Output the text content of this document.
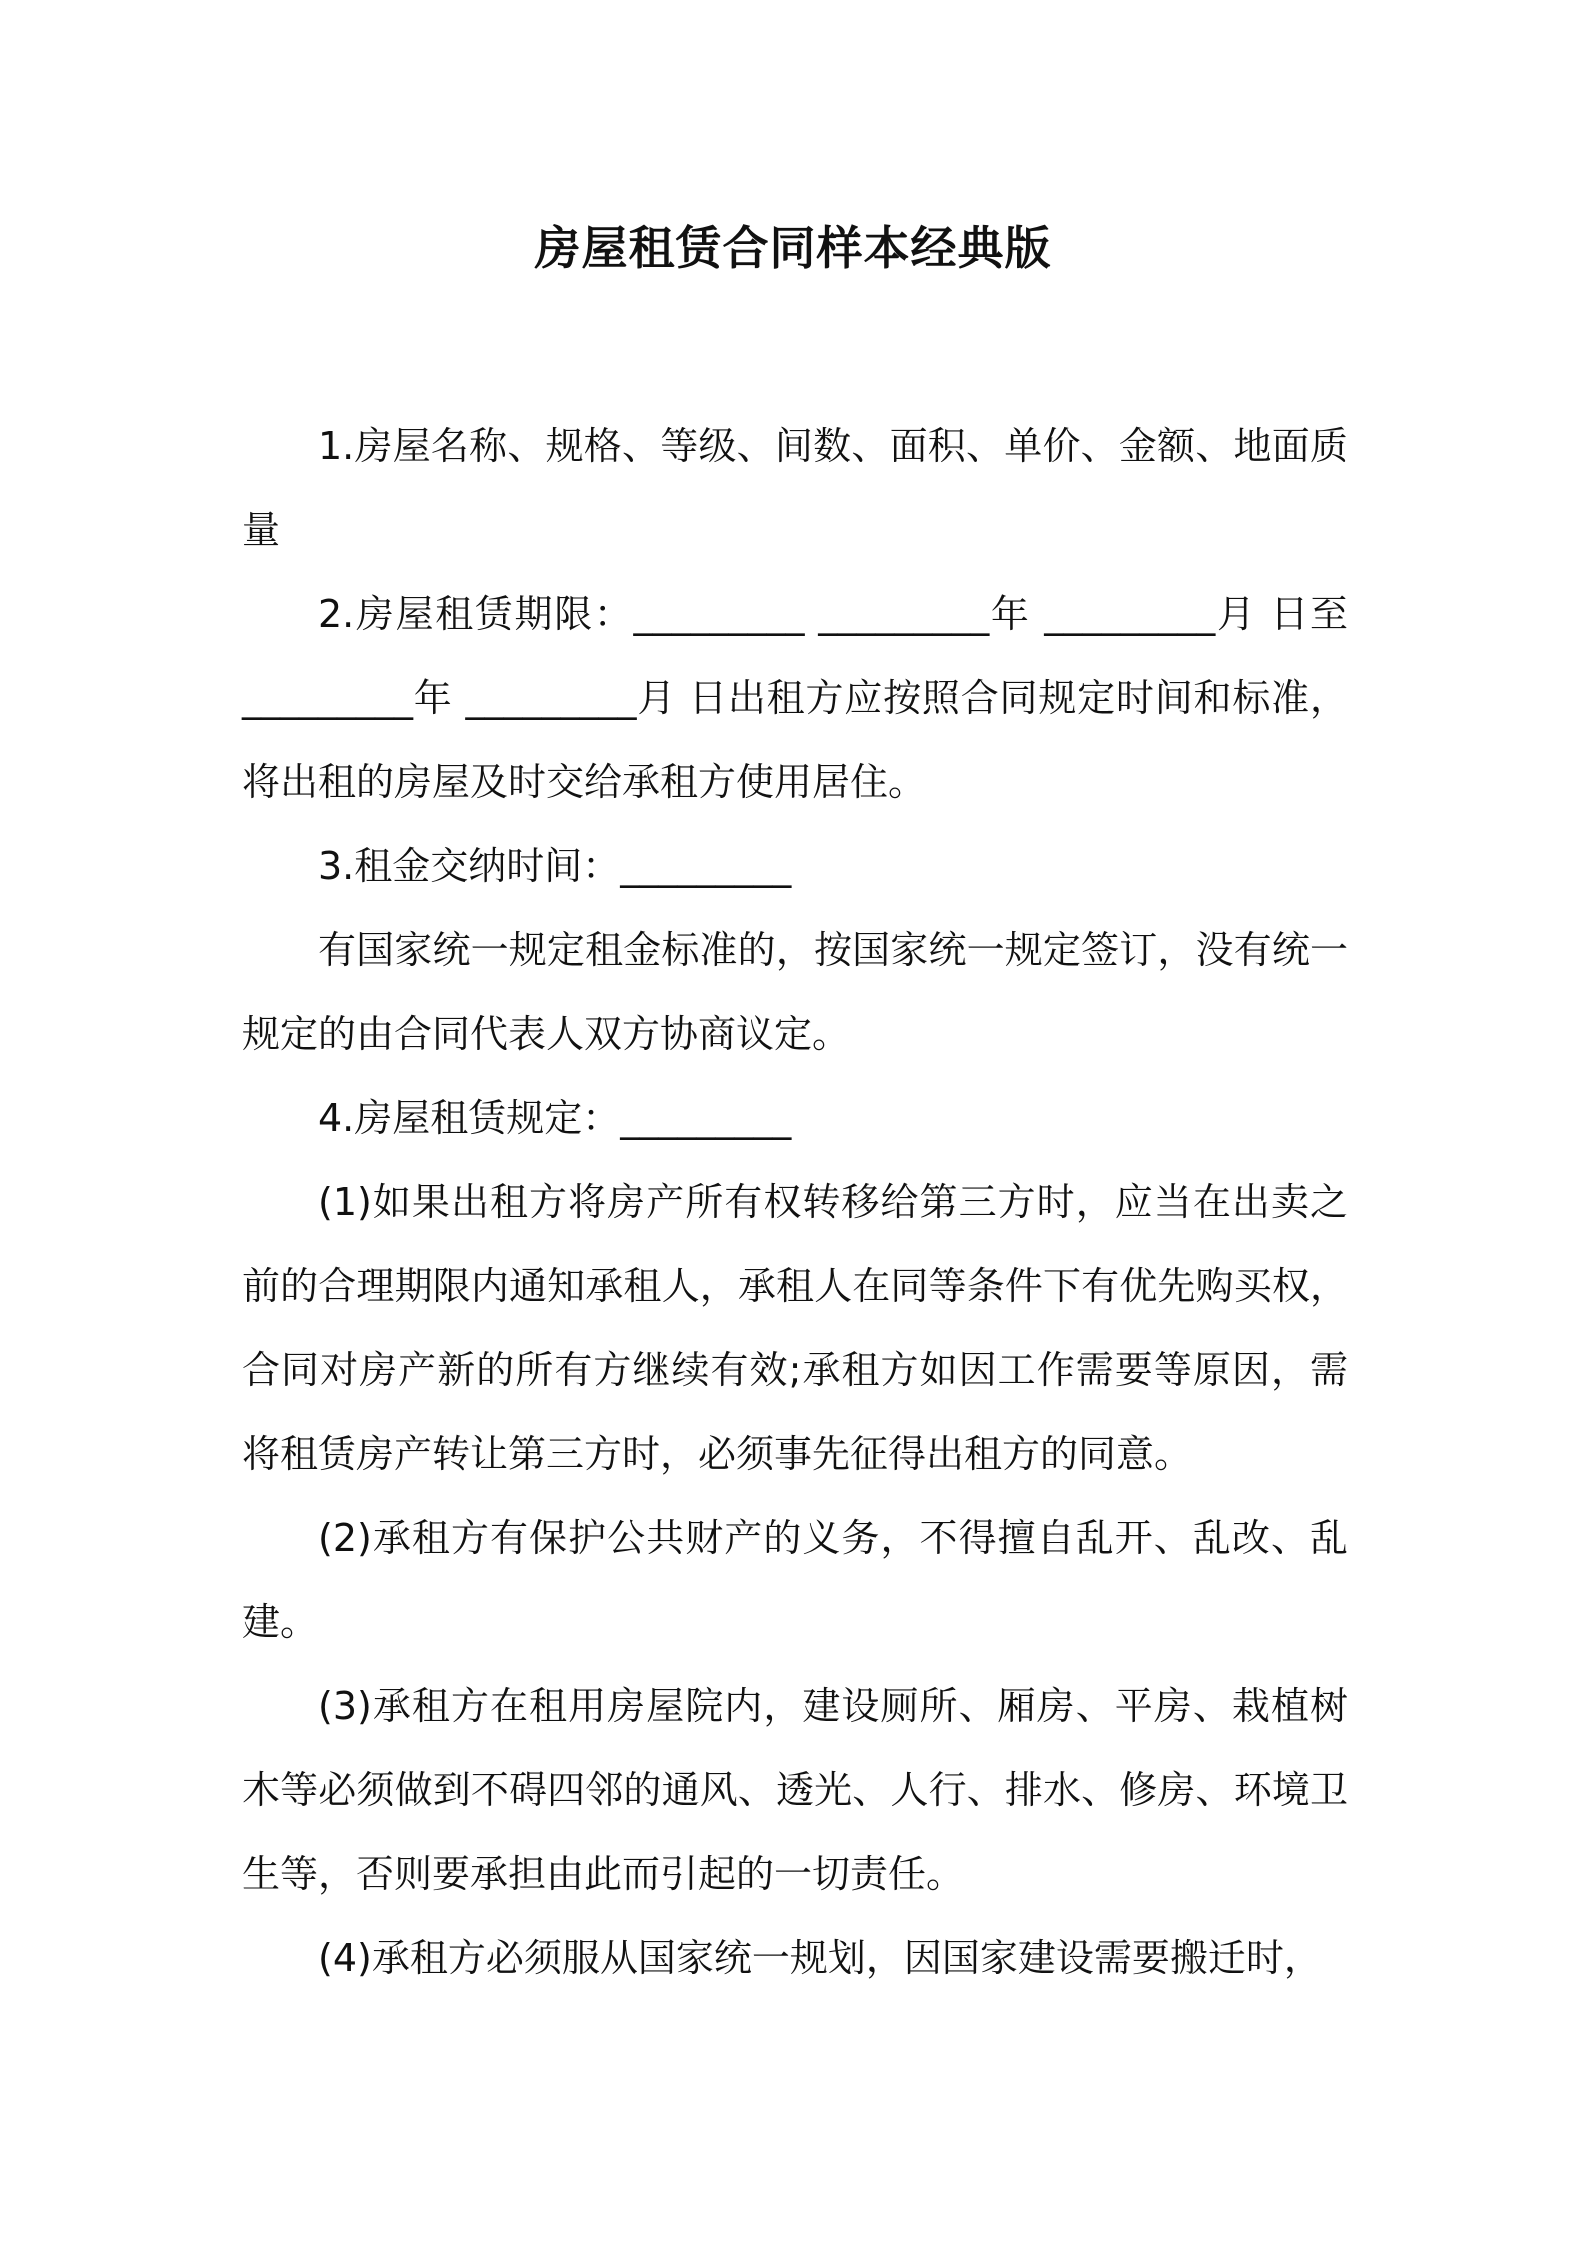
房屋租赁合同样本经典版

1.房屋名称、规格、等级、间数、面积、单价、金额、地面质量

2.房屋租赁期限：_________ _________年 _________月 日至 _________年 _________月 日出租方应按照合同规定时间和标准，将出租的房屋及时交给承租方使用居住。

3.租金交纳时间：_________

有国家统一规定租金标准的，按国家统一规定签订，没有统一规定的由合同代表人双方协商议定。

4.房屋租赁规定：_________

(1)如果出租方将房产所有权转移给第三方时，应当在出卖之前的合理期限内通知承租人，承租人在同等条件下有优先购买权，合同对房产新的所有方继续有效;承租方如因工作需要等原因，需将租赁房产转让第三方时，必须事先征得出租方的同意。

(2)承租方有保护公共财产的义务，不得擅自乱开、乱改、乱建。

(3)承租方在租用房屋院内，建设厕所、厢房、平房、栽植树木等必须做到不碍四邻的通风、透光、人行、排水、修房、环境卫生等，否则要承担由此而引起的一切责任。

(4)承租方必须服从国家统一规划，因国家建设需要搬迁时，
